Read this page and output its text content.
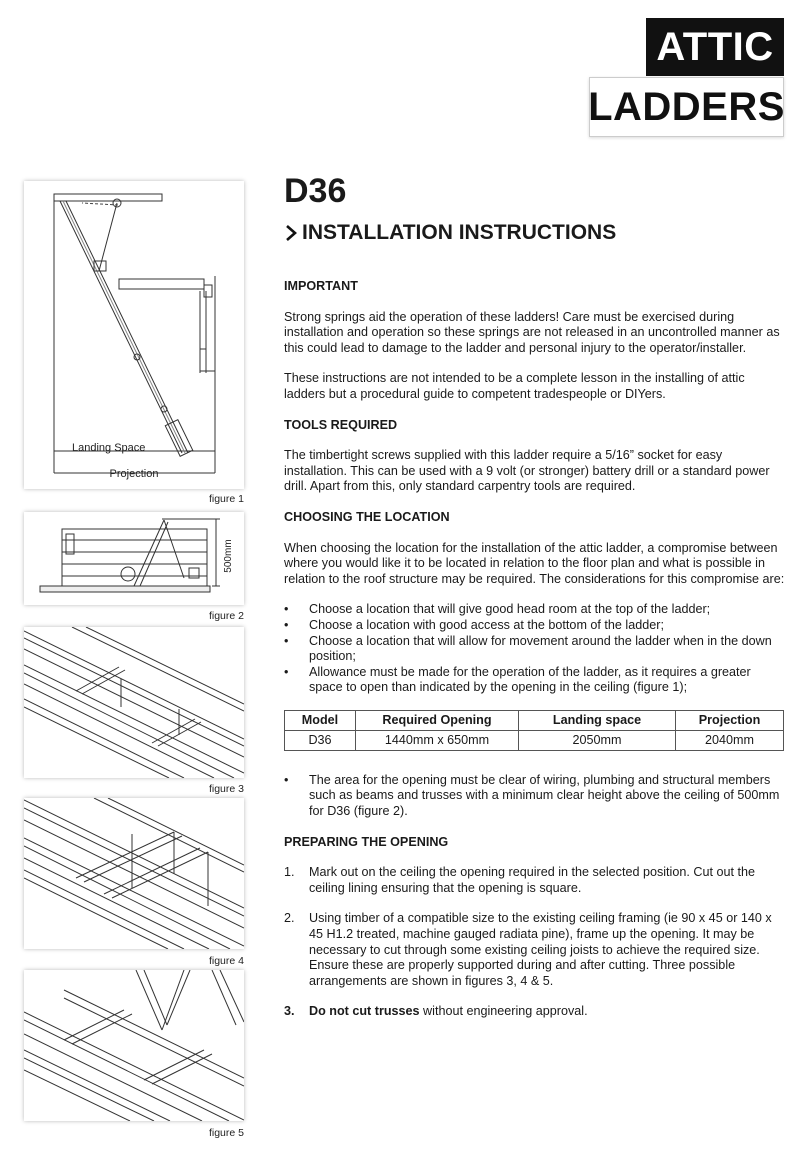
ATTIC
LADDERS
Landing Space
Projection
figure 1
500mm
figure 2
figure 3
figure 4
figure 5
D36
INSTALLATION INSTRUCTIONS
IMPORTANT

Strong springs aid the operation of these ladders! Care must be exercised during installation and operation so these springs are not released in an uncontrolled manner as this could lead to damage to the ladder and personal injury to the operator/installer.

These instructions are not intended to be a complete lesson in the installing of attic ladders but a procedural guide to competent tradespeople or DIYers.

TOOLS REQUIRED

The timbertight screws supplied with this ladder require a 5/16” socket for easy installation. This can be used with a 9 volt (or stronger) battery drill or a standard power drill. Apart from this, only standard carpentry tools are required.

CHOOSING THE LOCATION

When choosing the location for the installation of the attic ladder, a compromise between where you would like it to be located in relation to the floor plan and what is possible in relation to the roof structure may be required. The considerations for this compromise are:

• Choose a location that will give good head room at the top of the ladder;
• Choose a location with good access at the bottom of the ladder;
• Choose a location that will allow for movement around the ladder when in the down position;
• Allowance must be made for the operation of the ladder, as it requires a greater space to open than indicated by the opening in the ceiling (figure 1);
Model	Required Opening	Landing space	Projection
D36	1440mm x 650mm	2050mm	2040mm
• The area for the opening must be clear of wiring, plumbing and structural members such as beams and trusses with a minimum clear height above the ceiling of 500mm for D36 (figure 2).
PREPARING THE OPENING
1. Mark out on the ceiling the opening required in the selected position. Cut out the ceiling lining ensuring that the opening is square.
2. Using timber of a compatible size to the existing ceiling framing (ie 90 x 45 or 140 x 45 H1.2 treated, machine gauged radiata pine), frame up the opening. It may be necessary to cut through some existing ceiling joists to achieve the required size. Ensure these are properly supported during and after cutting. Three possible arrangements are shown in figures 3, 4 & 5.
3. Do not cut trusses without engineering approval.
